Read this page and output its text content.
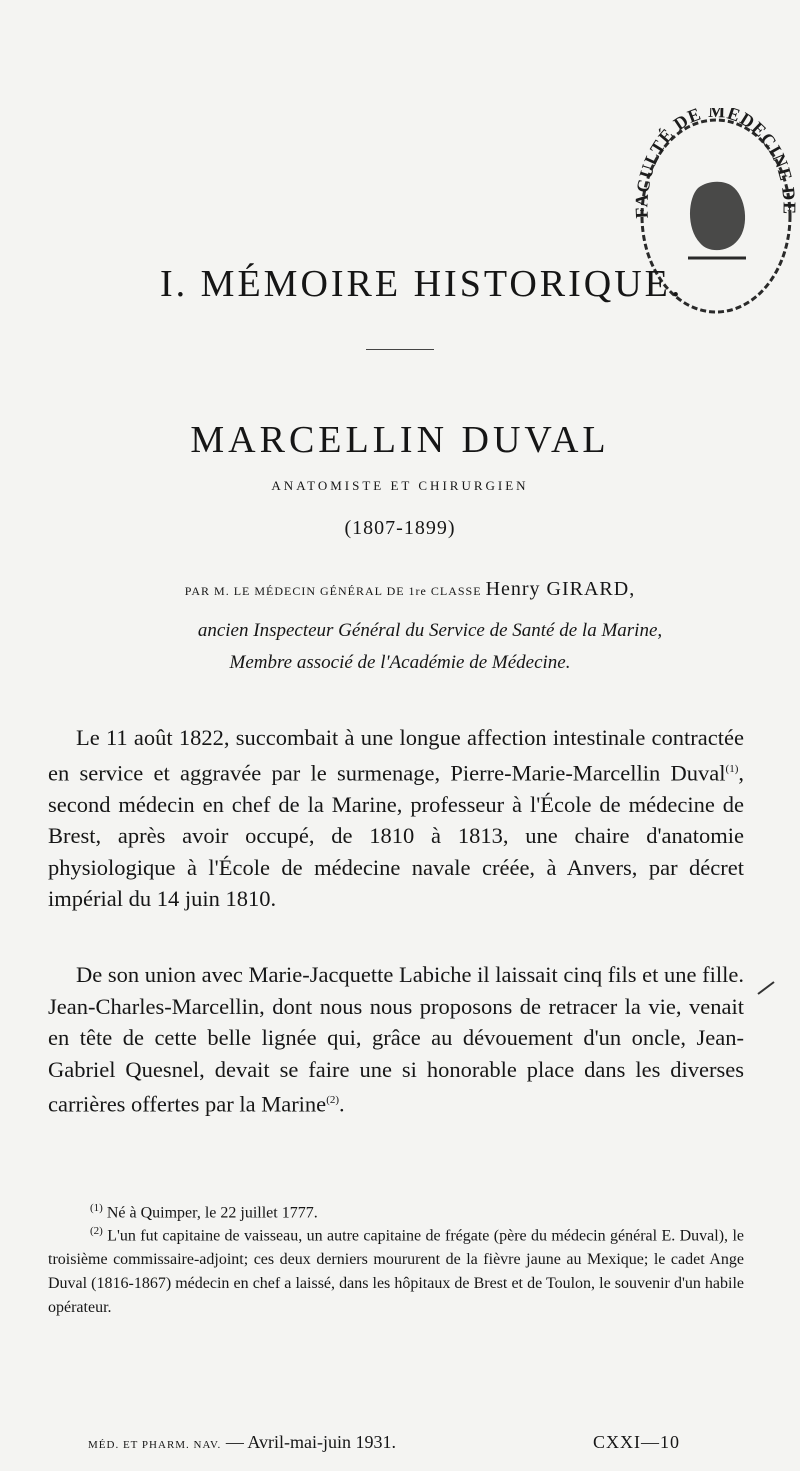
FACULTÉ DE MÉDECINE DE
I. MÉMOIRE HISTORIQUE.
MARCELLIN DUVAL
ANATOMISTE ET CHIRURGIEN
(1807-1899)
PAR M. LE MÉDECIN GÉNÉRAL DE 1re CLASSE Henry GIRARD,
ancien Inspecteur Général du Service de Santé de la Marine,
Membre associé de l'Académie de Médecine.
Le 11 août 1822, succombait à une longue affection intestinale contractée en service et aggravée par le surmenage, Pierre-Marie-Marcellin Duval$^{(1)}$, second médecin en chef de la Marine, professeur à l'École de médecine de Brest, après avoir occupé, de 1810 à 1813, une chaire d'anatomie physiologique à l'École de médecine navale créée, à Anvers, par décret impérial du 14 juin 1810.
De son union avec Marie-Jacquette Labiche il laissait cinq fils et une fille. Jean-Charles-Marcellin, dont nous nous proposons de retracer la vie, venait en tête de cette belle lignée qui, grâce au dévouement d'un oncle, Jean-Gabriel Quesnel, devait se faire une si honorable place dans les diverses carrières offertes par la Marine$^{(2)}$.
$^{(1)}$ Né à Quimper, le 22 juillet 1777.
$^{(2)}$ L'un fut capitaine de vaisseau, un autre capitaine de frégate (père du médecin général E. Duval), le troisième commissaire-adjoint; ces deux derniers moururent de la fièvre jaune au Mexique; le cadet Ange Duval (1816-1867) médecin en chef a laissé, dans les hôpitaux de Brest et de Toulon, le souvenir d'un habile opérateur.
MÉD. ET PHARM. NAV. — Avril-mai-juin 1931.	CXXI—10
